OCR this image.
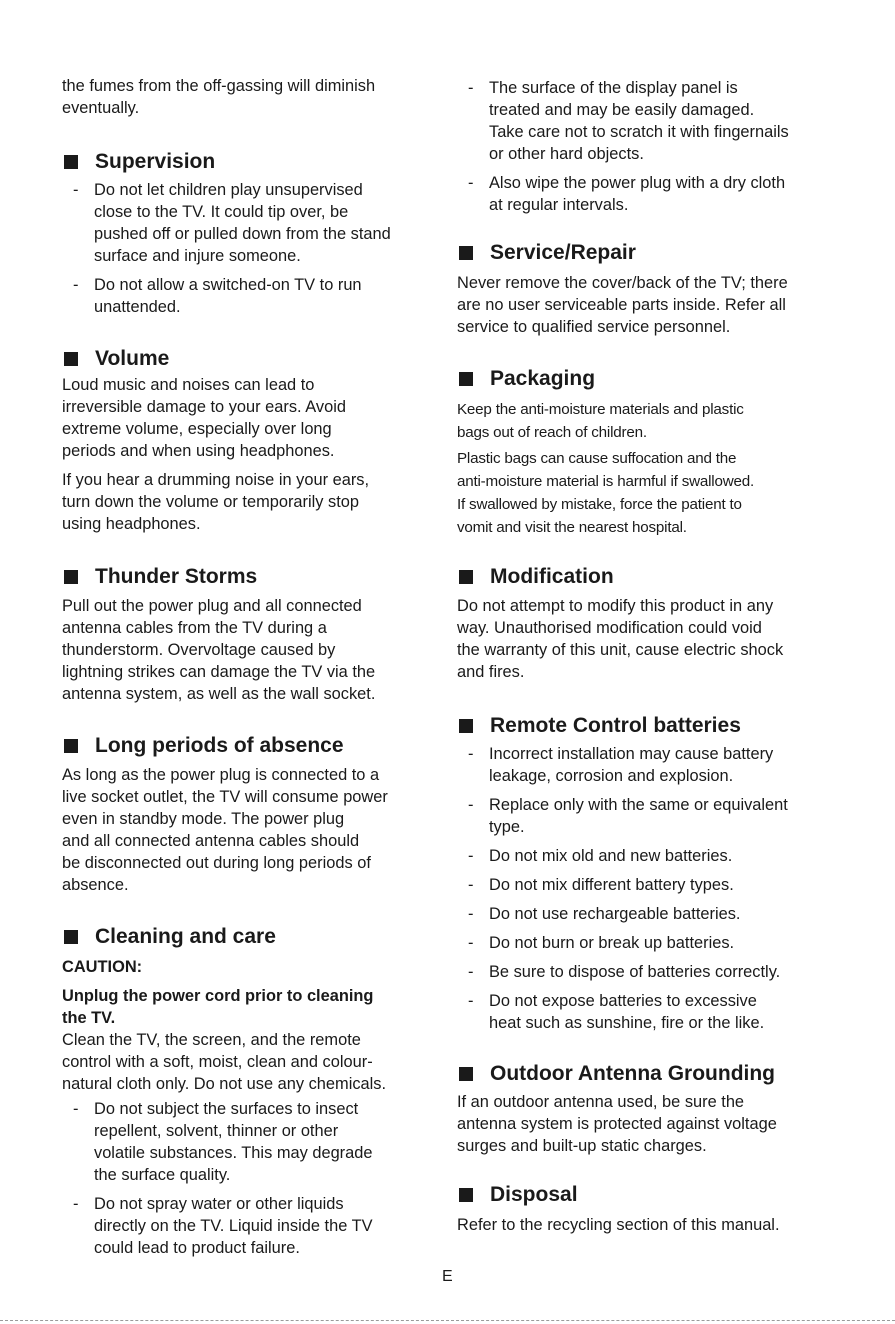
the fumes from the off-gassing will diminish

eventually.

Supervision
- Do not let children play unsupervised
close to the TV. It could tip over, be
pushed off or pulled down from the stand
surface and injure someone.
- Do not allow a switched-on TV to run
unattended.
Volume

Loud music and noises can lead to

irreversible damage to your ears. Avoid

extreme volume, especially over long

periods and when using headphones.

If you hear a drumming noise in your ears,

turn down the volume or temporarily stop

using headphones.

Thunder Storms

Pull out the power plug and all connected

antenna cables from the TV during a

thunderstorm. Overvoltage caused by

lightning strikes can damage the TV via the

antenna system, as well as the wall socket.

Long periods of absence

As long as the power plug is connected to a

live socket outlet, the TV will consume power

even in standby mode. The power plug

and all connected antenna cables should

be disconnected out during long periods of

absence.

Cleaning and care

CAUTION:

Unplug the power cord prior to cleaning

the TV.

Clean the TV, the screen, and the remote

control with a soft, moist, clean and colour-

natural cloth only. Do not use any chemicals.

- Do not subject the surfaces to insect
repellent, solvent, thinner or other
volatile substances. This may degrade
the surface quality.
- Do not spray water or other liquids
directly on the TV. Liquid inside the TV
could lead to product failure.
- The surface of the display panel is
treated and may be easily damaged.
Take care not to scratch it with fingernails
or other hard objects.
- Also wipe the power plug with a dry cloth
at regular intervals.
Service/Repair

Never remove the cover/back of the TV; there

are no user serviceable parts inside. Refer all

service to qualified service personnel.

Packaging

Keep the anti-moisture materials and plastic

bags out of reach of children.

Plastic bags can cause suffocation and the

anti-moisture material is harmful if swallowed.

If swallowed by mistake, force the patient to

vomit and visit the nearest hospital.

Modification

Do not attempt to modify this product in any

way. Unauthorised modification could void

the warranty of this unit, cause electric shock

and fires.

Remote Control batteries
- Incorrect installation may cause battery
leakage, corrosion and explosion.
- Replace only with the same or equivalent
type.
- Do not mix old and new batteries.
- Do not mix different battery types.
- Do not use rechargeable batteries.
- Do not burn or break up batteries.
- Be sure to dispose of batteries correctly.
- Do not expose batteries to excessive
heat such as sunshine, fire or the like.
Outdoor Antenna Grounding

If an outdoor antenna used, be sure the

antenna system is protected against voltage

surges and built-up static charges.

Disposal

Refer to the recycling section of this manual.

E
